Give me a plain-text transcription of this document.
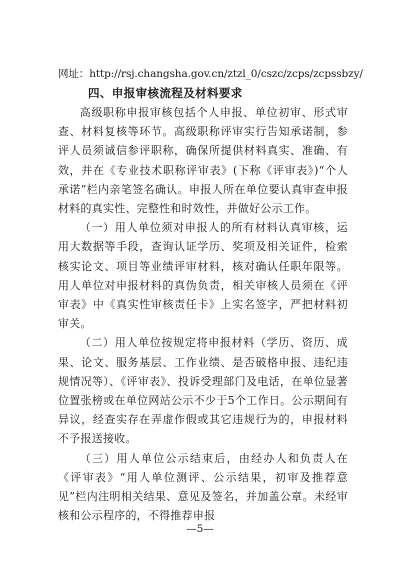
网址：http://rsj.changsha.gov.cn/ztzl_0/cszc/zcps/zcpssbzy/

四、申报审核流程及材料要求

高级职称申报审核包括个人申报、单位初审、形式审查、材料复核等环节。高级职称评审实行告知承诺制，参评人员须诚信参评职称，确保所提供材料真实、准确、有效，并在《专业技术职称评审表》(下称《评审表》)“个人承诺”栏内亲笔签名确认。申报人所在单位要认真审查申报材料的真实性、完整性和时效性，并做好公示工作。

（一）用人单位须对申报人的所有材料认真审核，运用大数据等手段，查询认证学历、奖项及相关证件，检索核实论文、项目等业绩评审材料，核对确认任职年限等。用人单位对申报材料的真伪负责，相关审核人员须在《评审表》中《真实性审核责任卡》上实名签字，严把材料初审关。

（二）用人单位按规定将申报材料（学历、资历、成果、论文、服务基层、工作业绩、是否破格申报、违纪违规情况等）、《评审表》、投诉受理部门及电话，在单位显著位置张榜或在单位网站公示不少于5个工作日。公示期间有异议，经查实存在弄虚作假或其它违规行为的，申报材料不予报送接收。

（三）用人单位公示结束后，由经办人和负责人在《评审表》“用人单位测评、公示结果，初审及推荐意见”栏内注明相关结果、意见及签名，并加盖公章。未经审核和公示程序的，不得推荐申报

—5—
